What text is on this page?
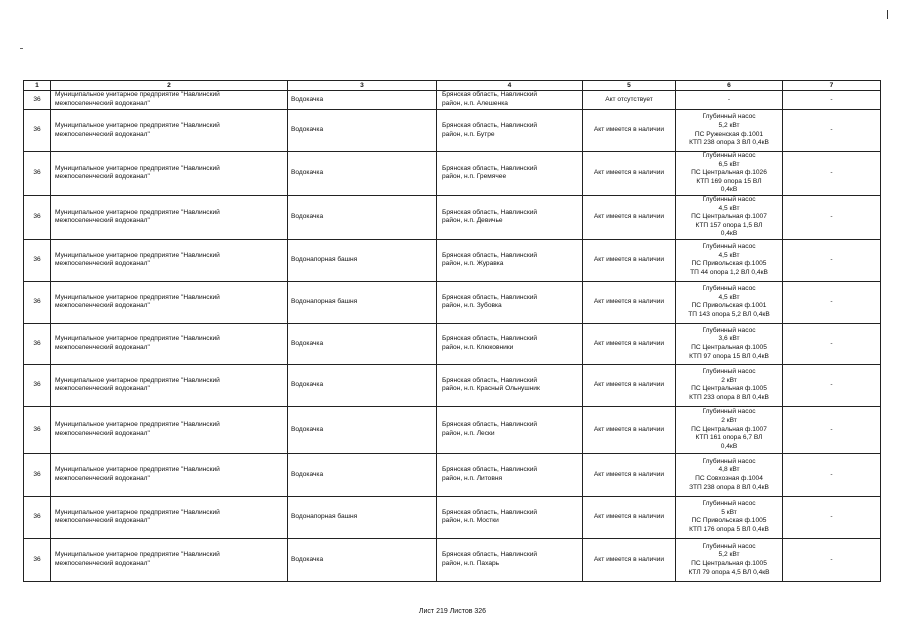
1	2	3	4	5	6	7
36	Муниципальное унитарное предприятие "Навлинский
межпоселенческий водоканал"	Водокачка	Брянская область, Навлинский
район, н.п. Алешенка	Акт отсутствует	-	-
36	Муниципальное унитарное предприятие "Навлинский
межпоселенческий водоканал"	Водокачка	Брянская область, Навлинский
район, н.п. Бутре	Акт имеется в наличии	Глубинный насос
5,2 кВт
ПС Руженская ф.1001
КТП 238 опора 3 ВЛ 0,4кВ	-
36	Муниципальное унитарное предприятие "Навлинский
межпоселенческий водоканал"	Водокачка	Брянская область, Навлинский
район, н.п. Гремячее	Акт имеется в наличии	Глубинный насос
6,5 кВт
ПС Центральная ф.1026
КТП 169 опора 15 ВЛ
0,4кВ	-
36	Муниципальное унитарное предприятие "Навлинский
межпоселенческий водоканал"	Водокачка	Брянская область, Навлинский
район, н.п. Девичье	Акт имеется в наличии	Глубинный насос
4,5 кВт
ПС Центральная ф.1007
КТП 157 опора 1,5 ВЛ
0,4кВ	-
36	Муниципальное унитарное предприятие "Навлинский
межпоселенческий водоканал"	Водонапорная башня	Брянская область, Навлинский
район, н.п. Журавка	Акт имеется в наличии	Глубинный насос
4,5 кВт
ПС Привольская ф.1005
ТП 44 опора 1,2 ВЛ 0,4кВ	-
36	Муниципальное унитарное предприятие "Навлинский
межпоселенческий водоканал"	Водонапорная башня	Брянская область, Навлинский
район, н.п. Зубовка	Акт имеется в наличии	Глубинный насос
4,5 кВт
ПС Привольская ф.1001
ТП 143 опора 5,2 ВЛ 0,4кВ	-
36	Муниципальное унитарное предприятие "Навлинский
межпоселенческий водоканал"	Водокачка	Брянская область, Навлинский
район, н.п. Клюковники	Акт имеется в наличии	Глубинный насос
3,6 кВт
ПС Центральная ф.1005
КТП 97 опора 15 ВЛ 0,4кВ	-
36	Муниципальное унитарное предприятие "Навлинский
межпоселенческий водоканал"	Водокачка	Брянская область, Навлинский
район, н.п. Красный Ольнушник	Акт имеется в наличии	Глубинный насос
2 кВт
ПС Центральная ф.1005
КТП 233 опора 8 ВЛ 0,4кВ	-
36	Муниципальное унитарное предприятие "Навлинский
межпоселенческий водоканал"	Водокачка	Брянская область, Навлинский
район, н.п. Лески	Акт имеется в наличии	Глубинный насос
2 кВт
ПС Центральная ф.1007
КТП 161 опора 6,7 ВЛ
0,4кВ	-
36	Муниципальное унитарное предприятие "Навлинский
межпоселенческий водоканал"	Водокачка	Брянская область, Навлинский
район, н.п. Литовня	Акт имеется в наличии	Глубинный насос
4,8 кВт
ПС Совхозная ф.1004
ЗТП 238 опора 8 ВЛ 0,4кВ	-
36	Муниципальное унитарное предприятие "Навлинский
межпоселенческий водоканал"	Водонапорная башня	Брянская область, Навлинский
район, н.п. Мостки	Акт имеется в наличии	Глубинный насос
5 кВт
ПС Привольская ф.1005
КТП 176 опора 5 ВЛ 0,4кВ	-
36	Муниципальное унитарное предприятие "Навлинский
межпоселенческий водоканал"	Водокачка	Брянская область, Навлинский
район, н.п. Пахарь	Акт имеется в наличии	Глубинный насос
5,2 кВт
ПС Центральная ф.1005
КТЛ 79 опора 4,5 ВЛ 0,4кВ	-
Лист 219 Листов 326
